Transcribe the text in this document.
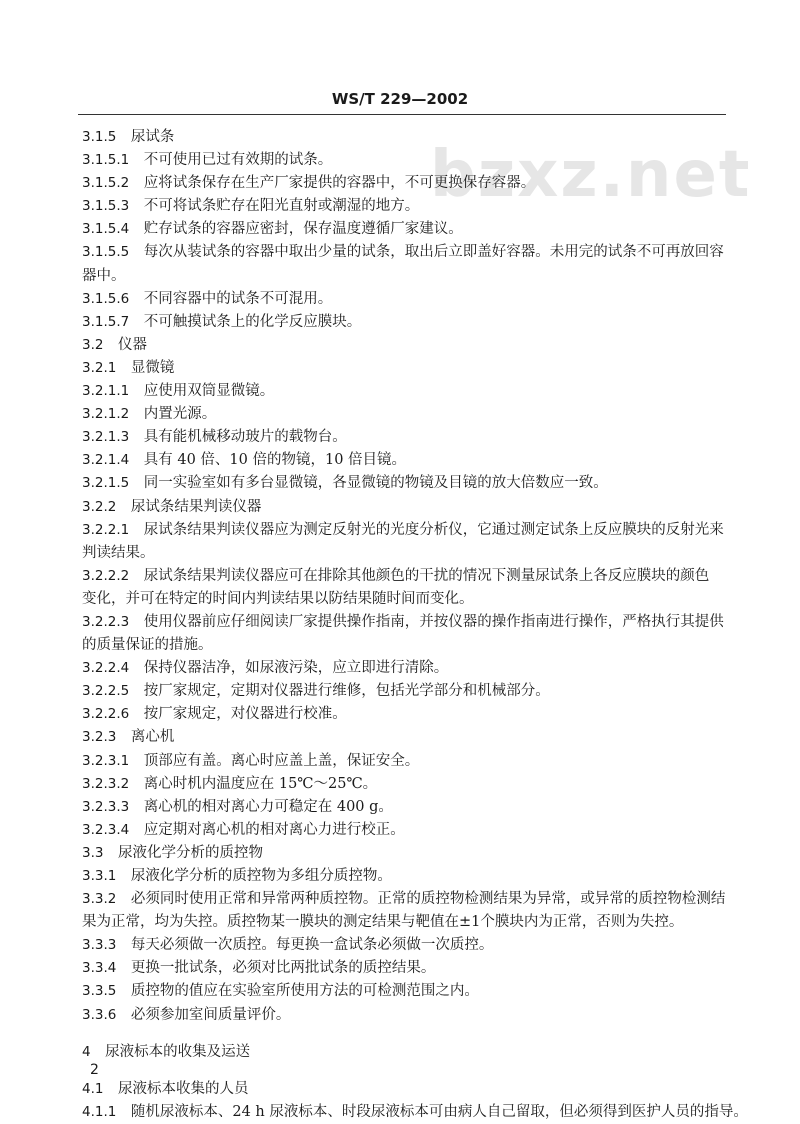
WS/T 229—2002
bzxz.net
3.1.5  尿试条
3.1.5.1  不可使用已过有效期的试条。
3.1.5.2  应将试条保存在生产厂家提供的容器中，不可更换保存容器。
3.1.5.3  不可将试条贮存在阳光直射或潮湿的地方。
3.1.5.4  贮存试条的容器应密封，保存温度遵循厂家建议。
3.1.5.5  每次从装试条的容器中取出少量的试条，取出后立即盖好容器。未用完的试条不可再放回容
器中。
3.1.5.6  不同容器中的试条不可混用。
3.1.5.7  不可触摸试条上的化学反应膜块。
3.2  仪器
3.2.1  显微镜
3.2.1.1  应使用双筒显微镜。
3.2.1.2  内置光源。
3.2.1.3  具有能机械移动玻片的载物台。
3.2.1.4  具有 40 倍、10 倍的物镜，10 倍目镜。
3.2.1.5  同一实验室如有多台显微镜，各显微镜的物镜及目镜的放大倍数应一致。
3.2.2  尿试条结果判读仪器
3.2.2.1  尿试条结果判读仪器应为测定反射光的光度分析仪，它通过测定试条上反应膜块的反射光来
判读结果。
3.2.2.2  尿试条结果判读仪器应可在排除其他颜色的干扰的情况下测量尿试条上各反应膜块的颜色
变化，并可在特定的时间内判读结果以防结果随时间而变化。
3.2.2.3  使用仪器前应仔细阅读厂家提供操作指南，并按仪器的操作指南进行操作，严格执行其提供
的质量保证的措施。
3.2.2.4  保持仪器洁净，如尿液污染，应立即进行清除。
3.2.2.5  按厂家规定，定期对仪器进行维修，包括光学部分和机械部分。
3.2.2.6  按厂家规定，对仪器进行校准。
3.2.3  离心机
3.2.3.1  顶部应有盖。离心时应盖上盖，保证安全。
3.2.3.2  离心时机内温度应在 15℃～25℃。
3.2.3.3  离心机的相对离心力可稳定在 400 g。
3.2.3.4  应定期对离心机的相对离心力进行校正。
3.3  尿液化学分析的质控物
3.3.1  尿液化学分析的质控物为多组分质控物。
3.3.2  必须同时使用正常和异常两种质控物。正常的质控物检测结果为异常，或异常的质控物检测结
果为正常，均为失控。质控物某一膜块的测定结果与靶值在±1个膜块内为正常，否则为失控。
3.3.3  每天必须做一次质控。每更换一盒试条必须做一次质控。
3.3.4  更换一批试条，必须对比两批试条的质控结果。
3.3.5  质控物的值应在实验室所使用方法的可检测范围之内。
3.3.6  必须参加室间质量评价。
4  尿液标本的收集及运送
4.1  尿液标本收集的人员
4.1.1  随机尿液标本、24 h 尿液标本、时段尿液标本可由病人自己留取，但必须得到医护人员的指导。
2
